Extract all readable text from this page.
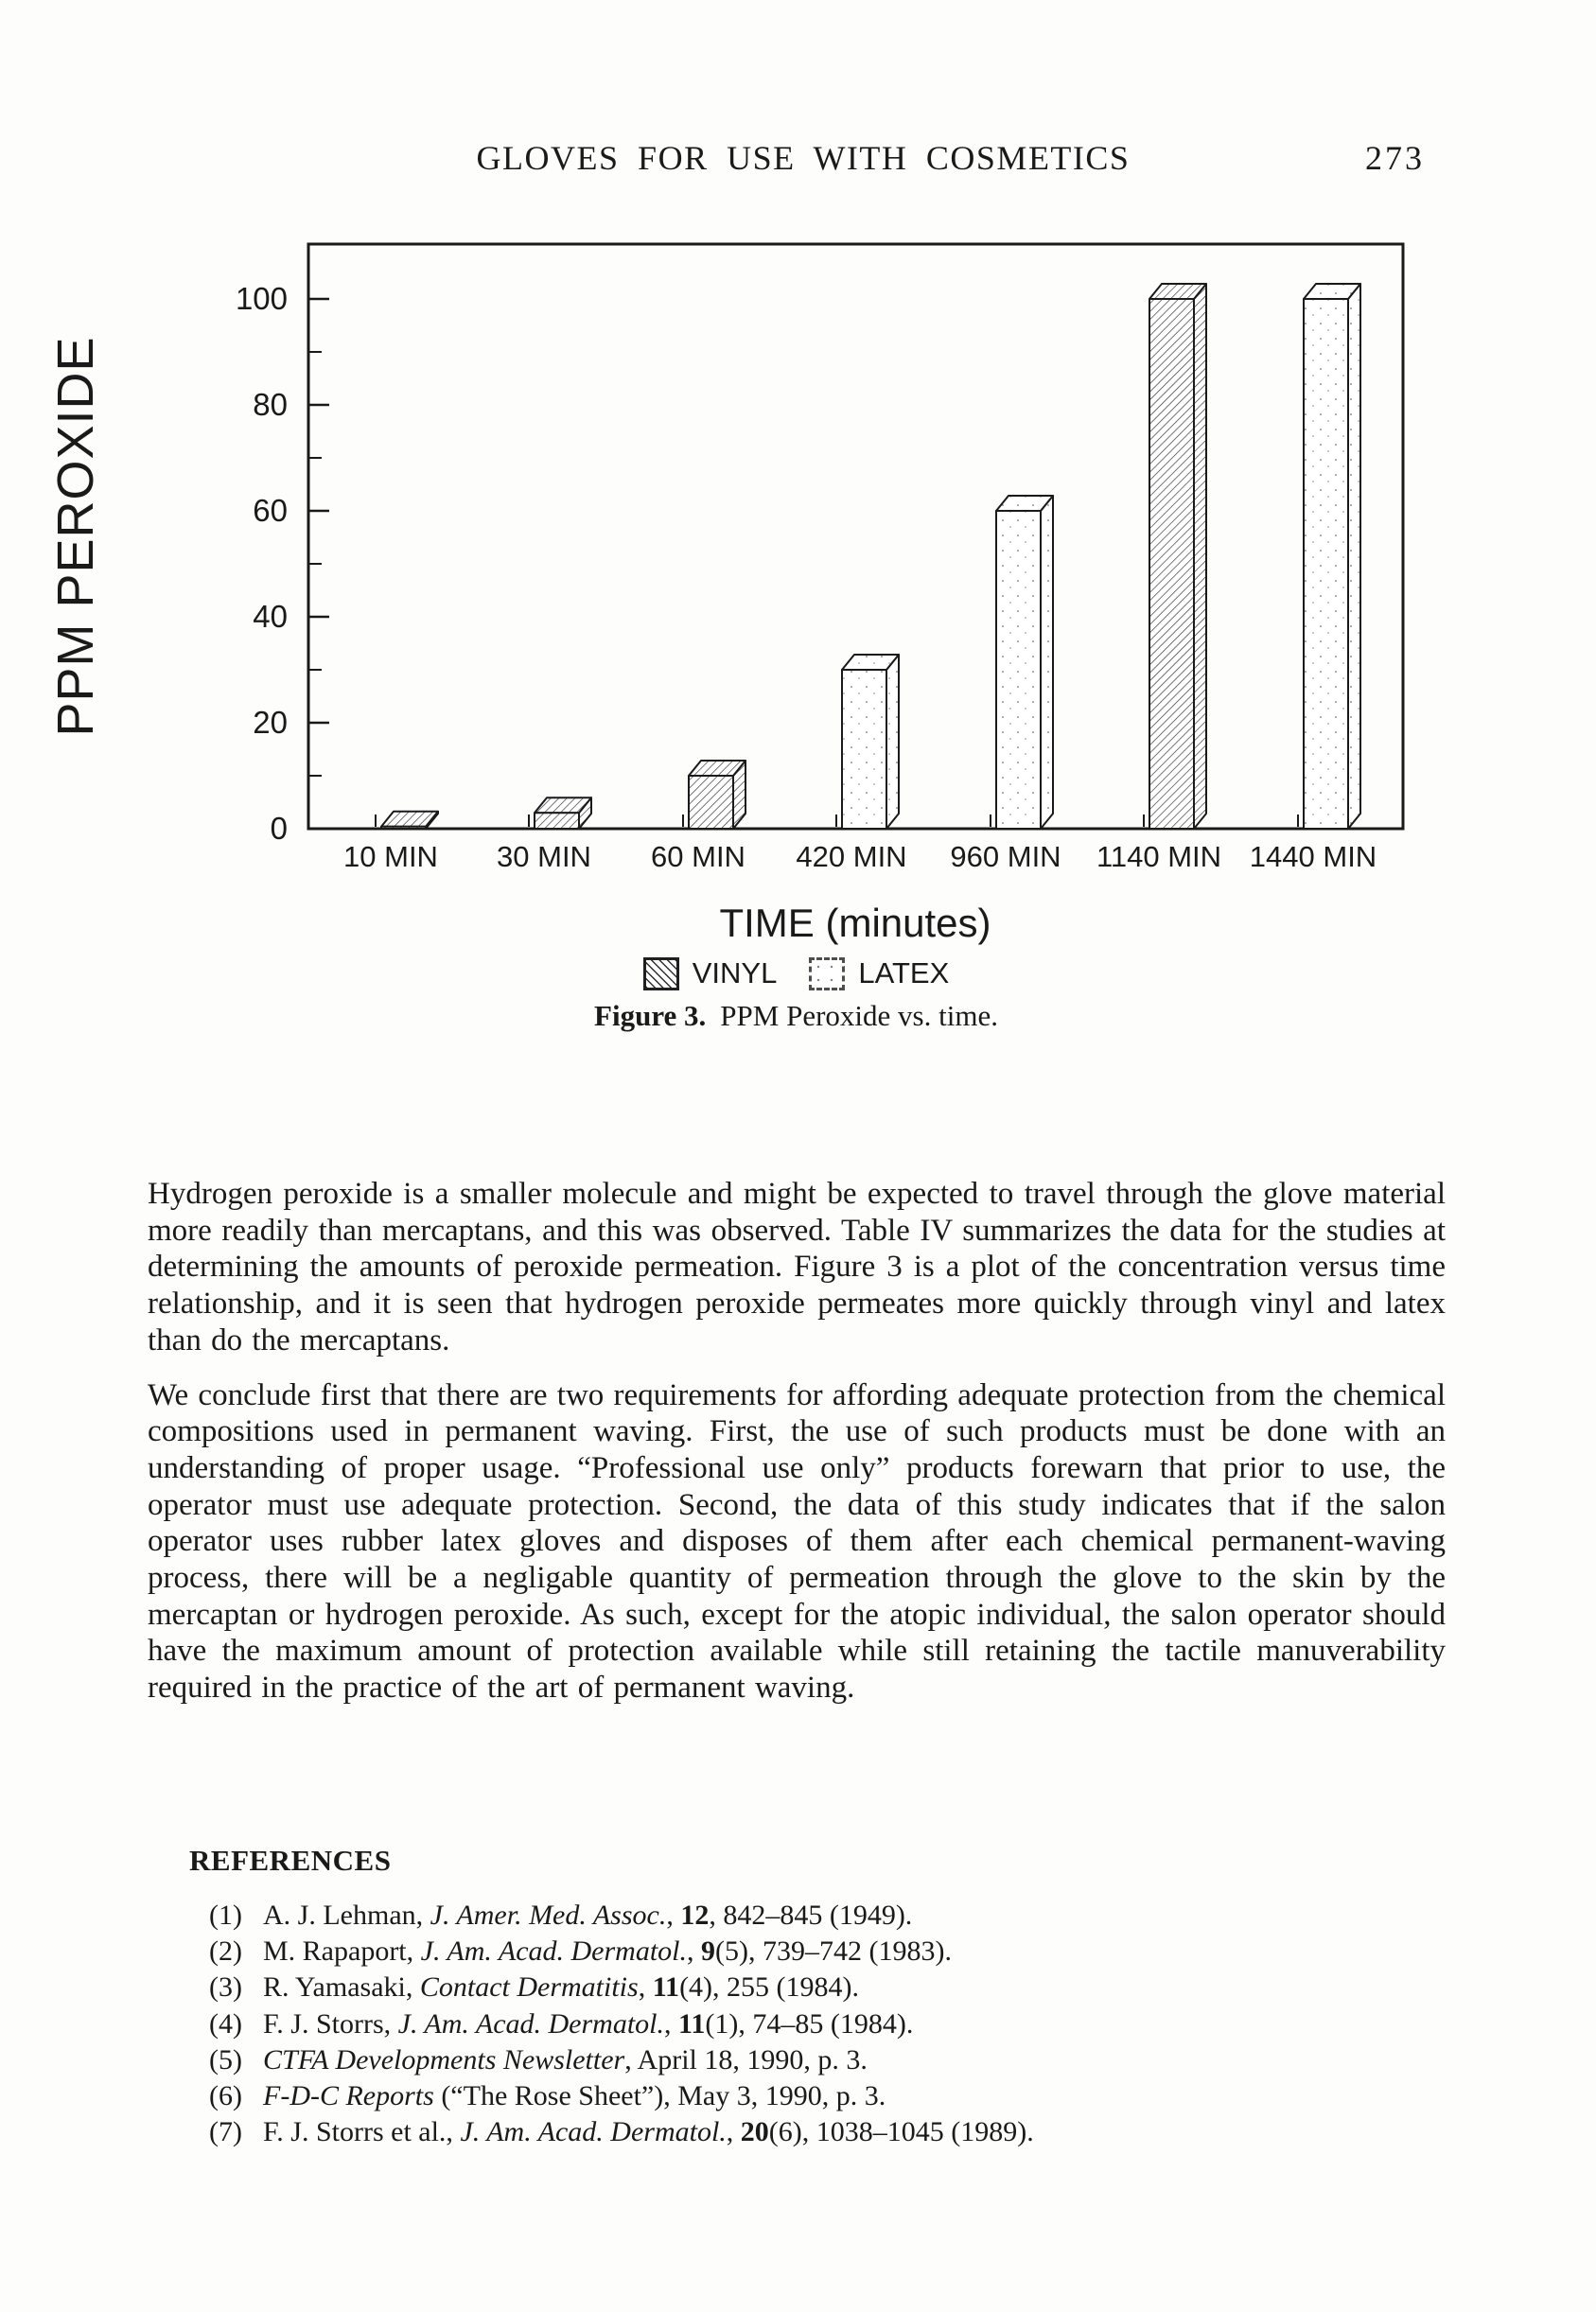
GLOVES FOR USE WITH COSMETICS	273
0
20
40
60
80
100
10 MIN 30 MIN 60 MIN 420 MIN 960 MIN 1140 MIN 1440 MIN
PPM PEROXIDE
TIME (minutes)
VINYL	LATEX
Figure 3. PPM Peroxide vs. time.

Hydrogen peroxide is a smaller molecule and might be expected to travel through the glove material more readily than mercaptans, and this was observed. Table IV summarizes the data for the studies at determining the amounts of peroxide permeation. Figure 3 is a plot of the concentration versus time relationship, and it is seen that hydrogen peroxide permeates more quickly through vinyl and latex than do the mercaptans.

We conclude first that there are two requirements for affording adequate protection from the chemical compositions used in permanent waving. First, the use of such products must be done with an understanding of proper usage. “Professional use only” products forewarn that prior to use, the operator must use adequate protection. Second, the data of this study indicates that if the salon operator uses rubber latex gloves and disposes of them after each chemical permanent-waving process, there will be a negligable quantity of permeation through the glove to the skin by the mercaptan or hydrogen peroxide. As such, except for the atopic individual, the salon operator should have the maximum amount of protection available while still retaining the tactile manuverability required in the practice of the art of permanent waving.

REFERENCES
(1) A. J. Lehman, J. Amer. Med. Assoc., 12, 842–845 (1949).
(2) M. Rapaport, J. Am. Acad. Dermatol., 9(5), 739–742 (1983).
(3) R. Yamasaki, Contact Dermatitis, 11(4), 255 (1984).
(4) F. J. Storrs, J. Am. Acad. Dermatol., 11(1), 74–85 (1984).
(5) CTFA Developments Newsletter, April 18, 1990, p. 3.
(6) F-D-C Reports (“The Rose Sheet”), May 3, 1990, p. 3.
(7) F. J. Storrs et al., J. Am. Acad. Dermatol., 20(6), 1038–1045 (1989).
